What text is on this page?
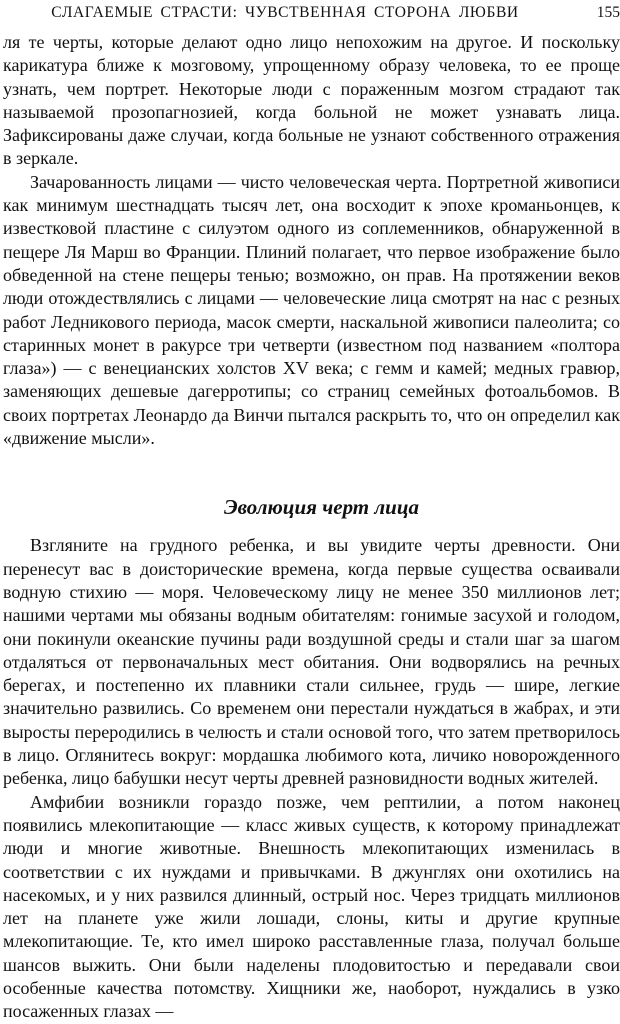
СЛАГАЕМЫЕ СТРАСТИ: ЧУВСТВЕННАЯ СТОРОНА ЛЮБВИ	155

ля те черты, которые делают одно лицо непохожим на другое. И поскольку карикатура ближе к мозговому, упрощенному образу человека, то ее проще узнать, чем портрет. Некоторые люди с пораженным мозгом страдают так называемой прозопагнозией, когда больной не может узнавать лица. Зафиксированы даже случаи, когда больные не узнают собственного отражения в зеркале.

Зачарованность лицами — чисто человеческая черта. Портретной живописи как минимум шестнадцать тысяч лет, она восходит к эпохе кроманьонцев, к известковой пластине с силуэтом одного из соплеменников, обнаруженной в пещере Ля Марш во Франции. Плиний полагает, что первое изображение было обведенной на стене пещеры тенью; возможно, он прав. На протяжении веков люди отождествлялись с лицами — человеческие лица смотрят на нас с резных работ Ледникового периода, масок смерти, наскальной живописи палеолита; со старинных монет в ракурсе три четверти (известном под названием «полтора глаза») — с венецианских холстов XV века; с гемм и камей; медных гравюр, заменяющих дешевые дагерротипы; со страниц семейных фотоальбомов. В своих портретах Леонардо да Винчи пытался раскрыть то, что он определил как «движение мысли».

Эволюция черт лица

Взгляните на грудного ребенка, и вы увидите черты древности. Они перенесут вас в доисторические времена, когда первые существа осваивали водную стихию — моря. Человеческому лицу не менее 350 миллионов лет; нашими чертами мы обязаны водным обитателям: гонимые засухой и голодом, они покинули океанские пучины ради воздушной среды и стали шаг за шагом отдаляться от первоначальных мест обитания. Они водворялись на речных берегах, и постепенно их плавники стали сильнее, грудь — шире, легкие значительно развились. Со временем они перестали нуждаться в жабрах, и эти выросты переродились в челюсть и стали основой того, что затем претворилось в лицо. Оглянитесь вокруг: мордашка любимого кота, личико новорожденного ребенка, лицо бабушки несут черты древней разновидности водных жителей.

Амфибии возникли гораздо позже, чем рептилии, а потом наконец появились млекопитающие — класс живых существ, к которому принадлежат люди и многие животные. Внешность млекопитающих изменилась в соответствии с их нуждами и привычками. В джунглях они охотились на насекомых, и у них развился длинный, острый нос. Через тридцать миллионов лет на планете уже жили лошади, слоны, киты и другие крупные млекопитающие. Те, кто имел широко расставленные глаза, получал больше шансов выжить. Они были наделены плодовитостью и передавали свои особенные качества потомству. Хищники же, наоборот, нуждались в узко посаженных глазах —
